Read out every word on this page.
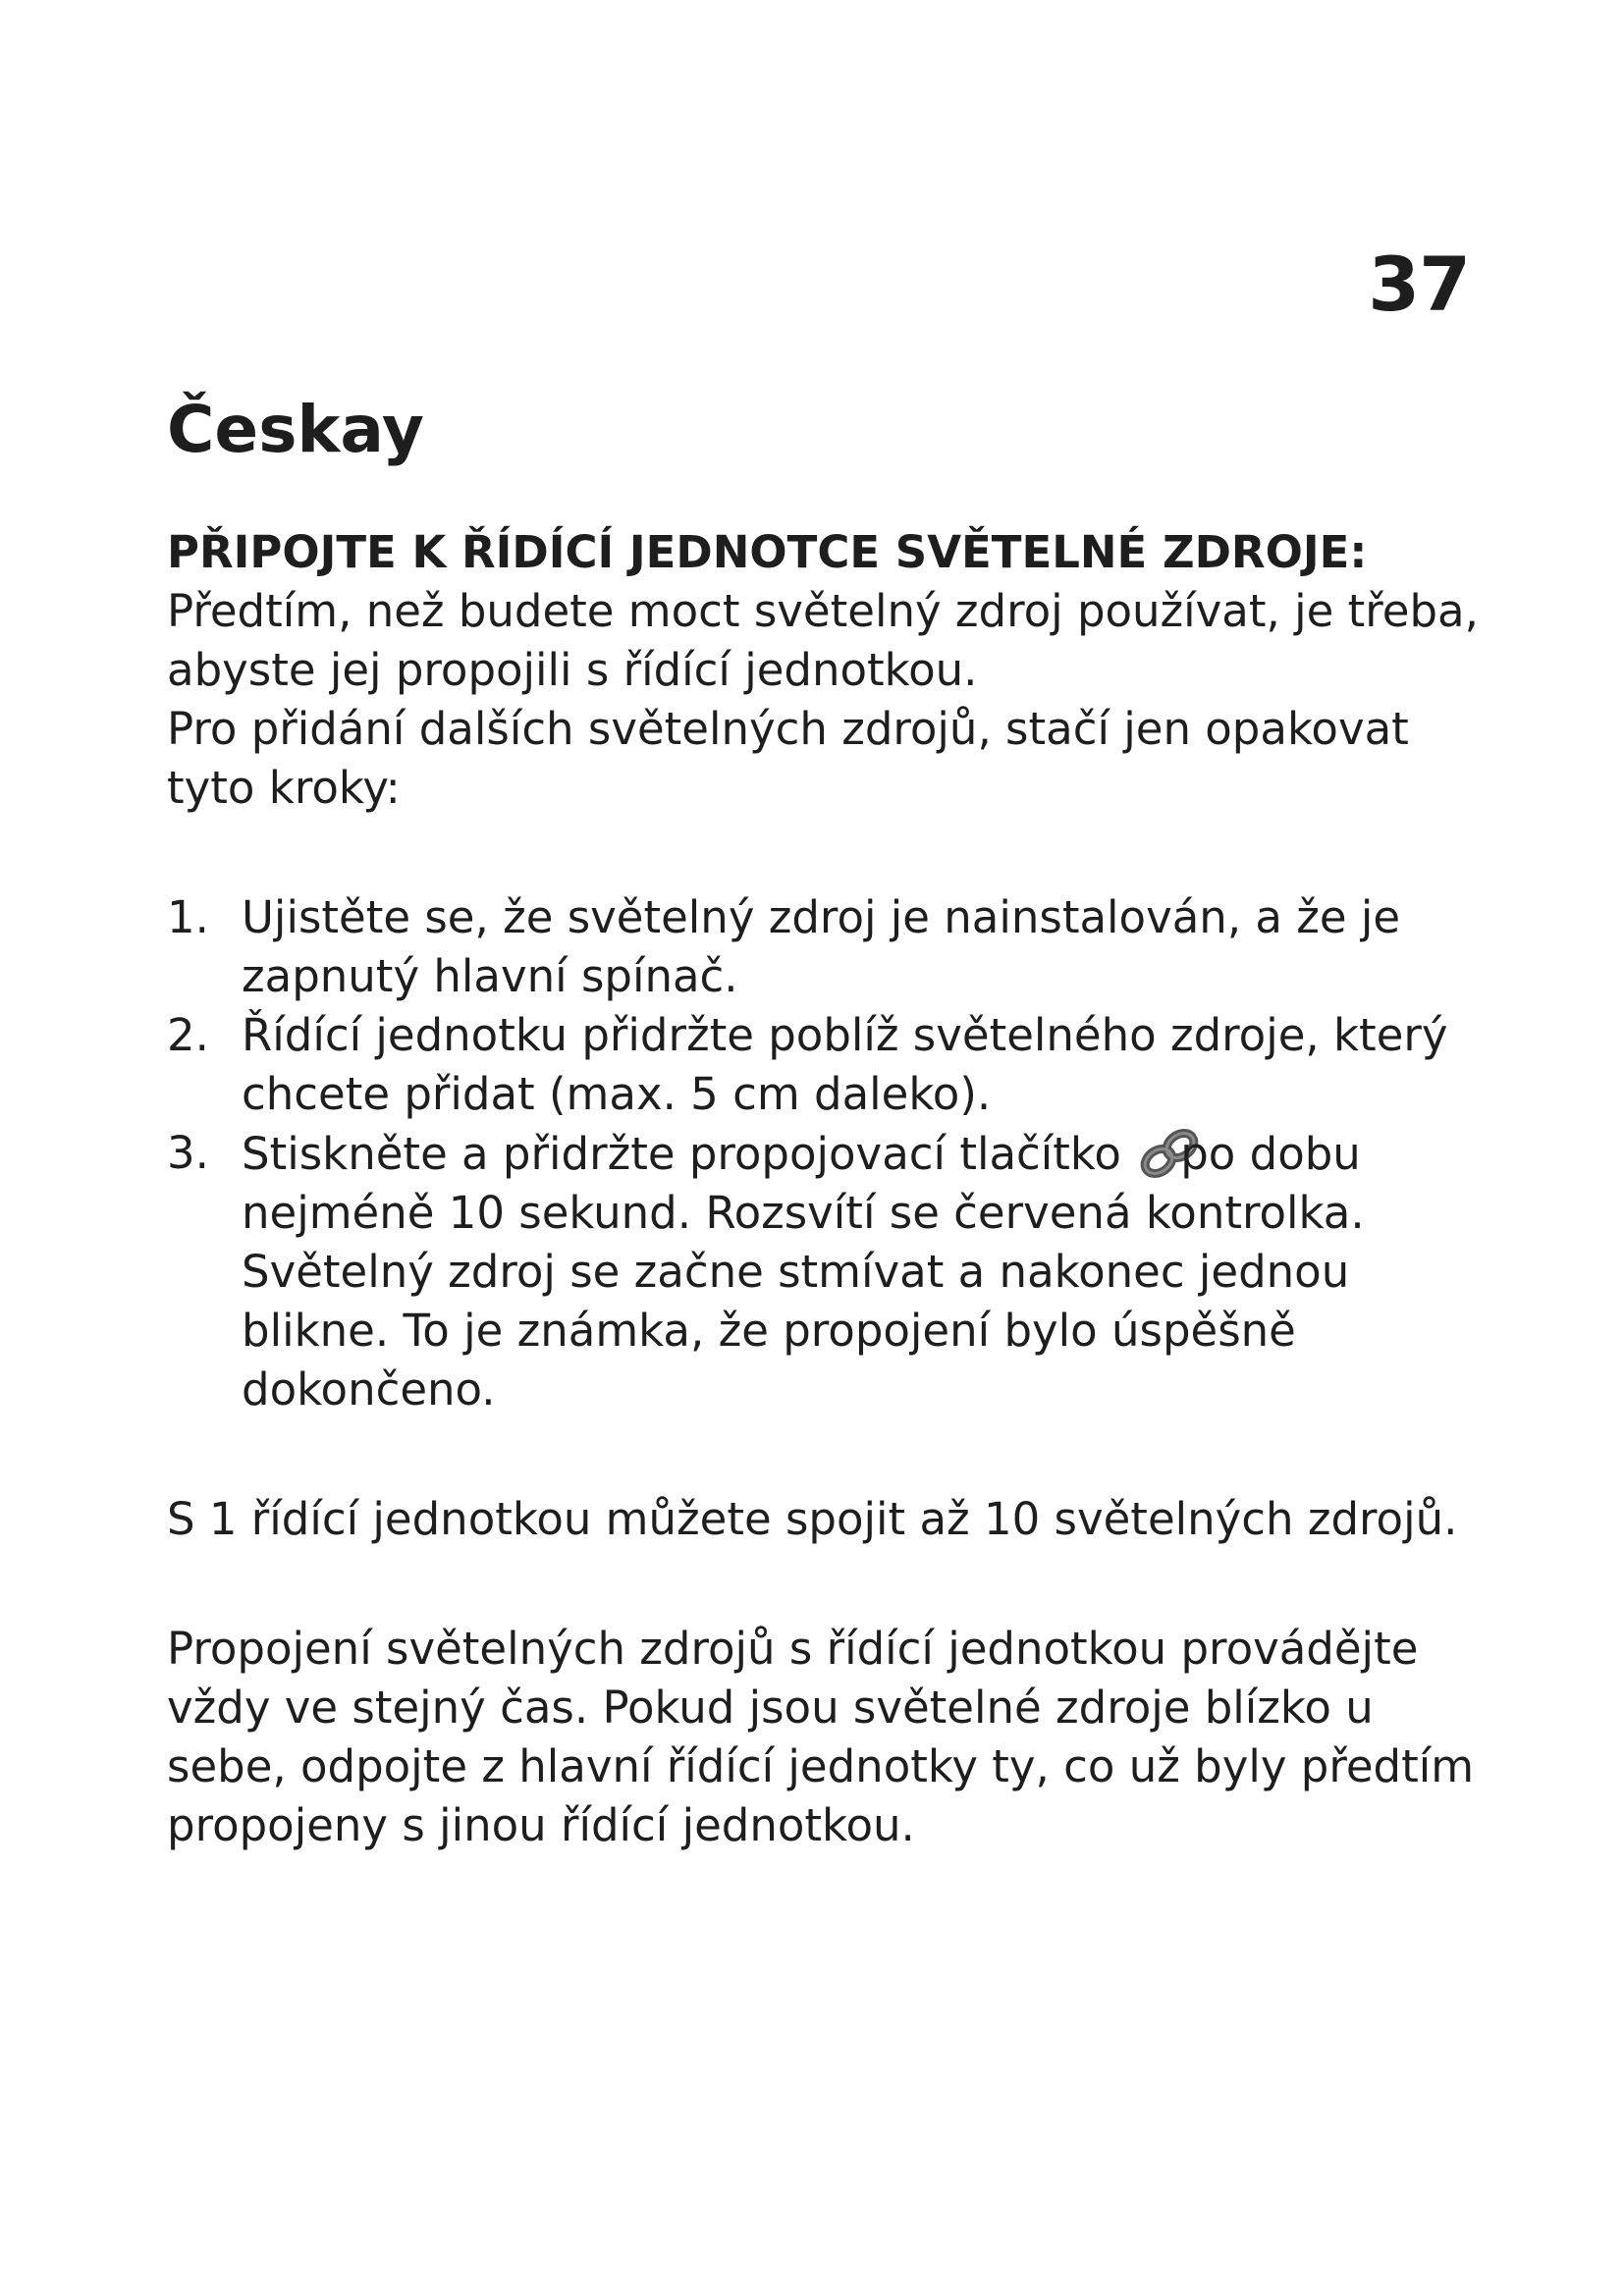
37
Českay

PŘIPOJTE K ŘÍDÍCÍ JEDNOTCE SVĚTELNÉ ZDROJE:

Předtím, než budete moct světelný zdroj používat, je třeba, abyste jej propojili s řídící jednotkou.

Pro přidání dalších světelných zdrojů, stačí jen opakovat tyto kroky:

1. Ujistěte se, že světelný zdroj je nainstalován, a že je zapnutý hlavní spínač.
2. Řídící jednotku přidržte poblíž světelného zdroje, který chcete přidat (max. 5 cm daleko).
3. Stiskněte a přidržte propojovací tlačítko po dobu nejméně 10 sekund. Rozsvítí se červená kontrolka. Světelný zdroj se začne stmívat a nakonec jednou blikne. To je známka, že propojení bylo úspěšně dokončeno.

S 1 řídící jednotkou můžete spojit až 10 světelných zdrojů.

Propojení světelných zdrojů s řídící jednotkou provádějte vždy ve stejný čas. Pokud jsou světelné zdroje blízko u sebe, odpojte z hlavní řídící jednotky ty, co už byly předtím propojeny s jinou řídící jednotkou.
